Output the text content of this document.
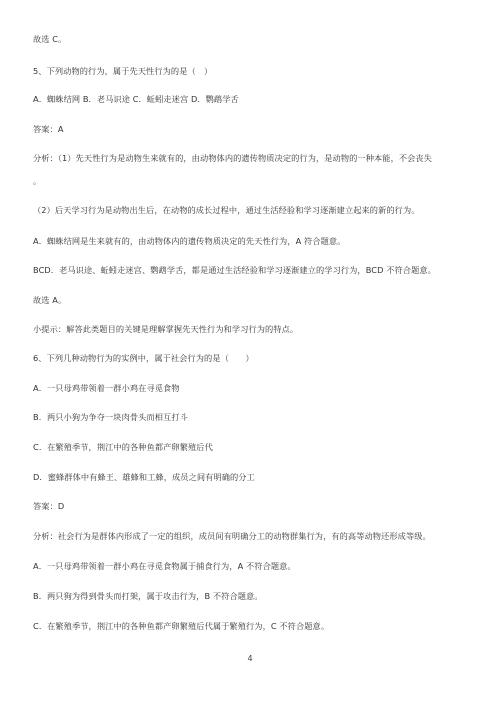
故选 C。
5、下列动物的行为，属于先天性行为的是（　）
A．蜘蛛结网 B．老马识途 C．蚯蚓走迷宫 D．鹦鹉学舌
答案：A
分析：（1）先天性行为是动物生来就有的，由动物体内的遗传物质决定的行为，是动物的一种本能，不会丧失
。
（2）后天学习行为是动物出生后，在动物的成长过程中，通过生活经验和学习逐渐建立起来的新的行为。
A．蜘蛛结网是生来就有的，由动物体内的遗传物质决定的先天性行为，A 符合题意。
BCD．老马识途、蚯蚓走迷宫、鹦鹉学舌，都是通过生活经验和学习逐渐建立的学习行为，BCD 不符合题意。
故选 A。
小提示：解答此类题目的关键是理解掌握先天性行为和学习行为的特点。
6、下列几种动物行为的实例中，属于社会行为的是（　　）
A．一只母鸡带领着一群小鸡在寻觅食物
B．两只小狗为争夺一块肉骨头而相互打斗
C．在繁殖季节，荆江中的各种鱼都产卵繁殖后代
D．蜜蜂群体中有蜂王、雄蜂和工蜂，成员之间有明确的分工
答案：D
分析：社会行为是群体内形成了一定的组织，成员间有明确分工的动物群集行为，有的高等动物还形成等级。
A．一只母鸡带领着一群小鸡在寻觅食物属于捕食行为，A 不符合题意。
B．两只狗为得到骨头而打架，属于攻击行为，B 不符合题意。
C．在繁殖季节，荆江中的各种鱼都产卵繁殖后代属于繁殖行为，C 不符合题意。
4
